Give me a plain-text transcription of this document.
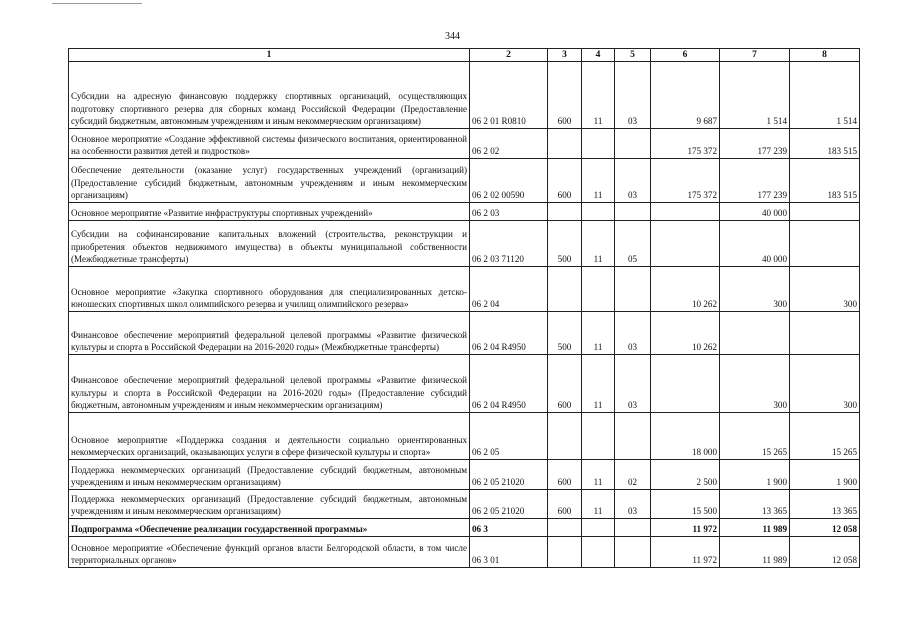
344
1	2	3	4	5	6	7	8
Субсидии на адресную финансовую поддержку спортивных организаций, осуществляющих подготовку спортивного резерва для сборных команд Российской Федерации (Предоставление субсидий бюджетным, автономным учреждениям и иным некоммерческим организациям)	06 2 01 R0810	600	11	03	9 687	1 514	1 514
Основное мероприятие «Создание эффективной системы физического воспитания, ориентированной на особенности развития детей и подростков»	06 2 02				175 372	177 239	183 515
Обеспечение деятельности (оказание услуг) государственных учреждений (организаций) (Предоставление субсидий бюджетным, автономным учреждениям и иным некоммерческим организациям)	06 2 02 00590	600	11	03	175 372	177 239	183 515
Основное мероприятие «Развитие инфраструктуры спортивных учреждений»	06 2 03					40 000	
Субсидии на софинансирование капитальных вложений (строительства, реконструкции и приобретения объектов недвижимого имущества) в объекты муниципальной собственности (Межбюджетные трансферты)	06 2 03 71120	500	11	05		40 000	
Основное мероприятие «Закупка спортивного оборудования для специализированных детско-юношеских спортивных школ олимпийского резерва и училищ олимпийского резерва»	06 2 04				10 262	300	300
Финансовое обеспечение мероприятий федеральной целевой программы «Развитие физической культуры и спорта в Российской Федерации на 2016-2020 годы» (Межбюджетные трансферты)	06 2 04 R4950	500	11	03	10 262		
Финансовое обеспечение мероприятий федеральной целевой программы «Развитие физической культуры и спорта в Российской Федерации на 2016-2020 годы» (Предоставление субсидий бюджетным, автономным учреждениям и иным некоммерческим организациям)	06 2 04 R4950	600	11	03		300	300
Основное мероприятие «Поддержка создания и деятельности социально ориентированных некоммерческих организаций, оказывающих услуги в сфере физической культуры и спорта»	06 2 05				18 000	15 265	15 265
Поддержка некоммерческих организаций (Предоставление субсидий бюджетным, автономным учреждениям и иным некоммерческим организациям)	06 2 05 21020	600	11	02	2 500	1 900	1 900
Поддержка некоммерческих организаций (Предоставление субсидий бюджетным, автономным учреждениям и иным некоммерческим организациям)	06 2 05 21020	600	11	03	15 500	13 365	13 365
Подпрограмма «Обеспечение реализации государственной программы»	06 3				11 972	11 989	12 058
Основное мероприятие «Обеспечение функций органов власти Белгородской области, в том числе территориальных органов»	06 3 01				11 972	11 989	12 058
